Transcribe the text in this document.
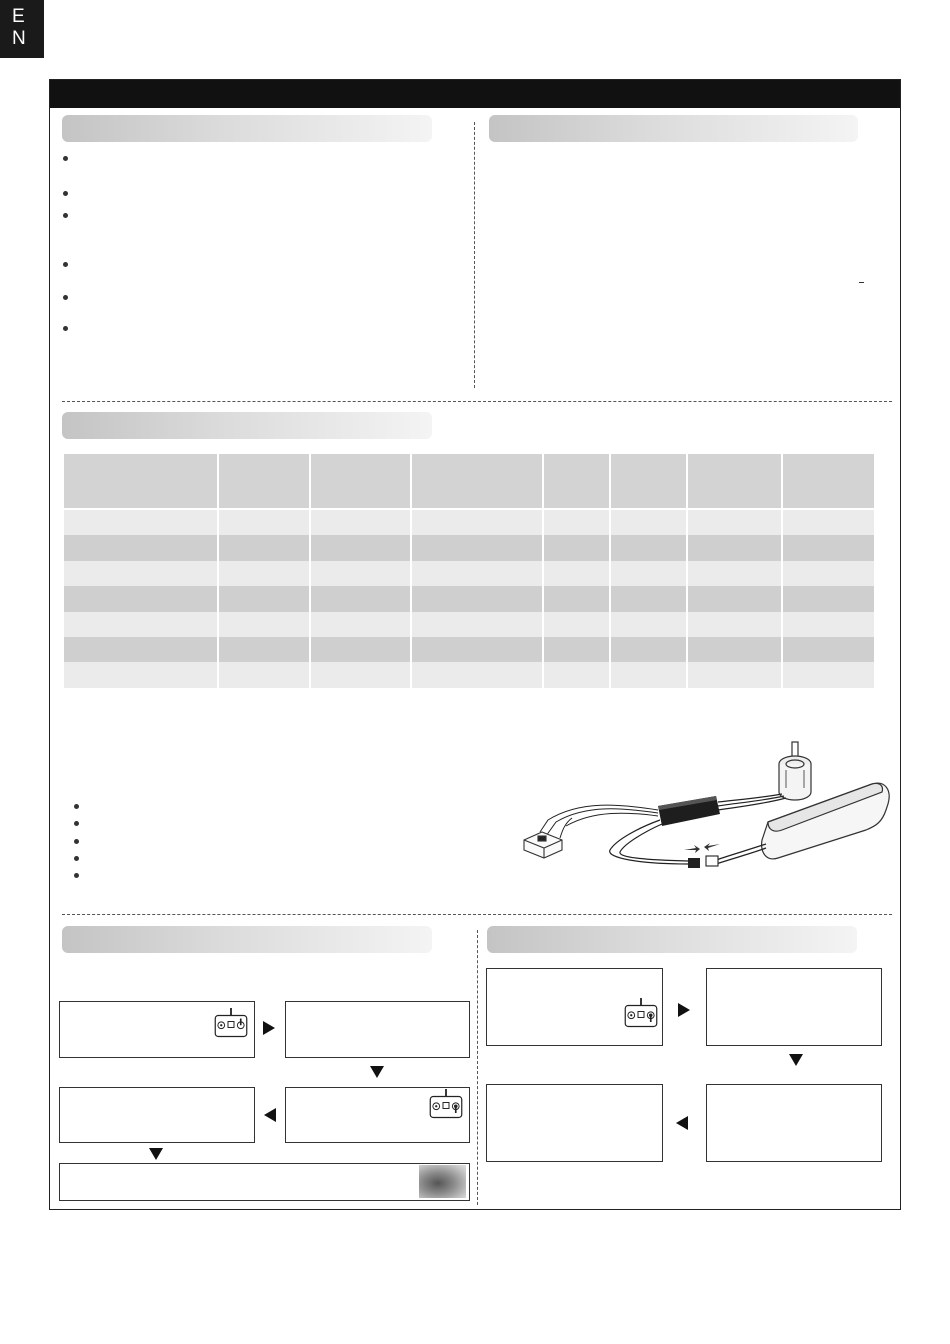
E
N
